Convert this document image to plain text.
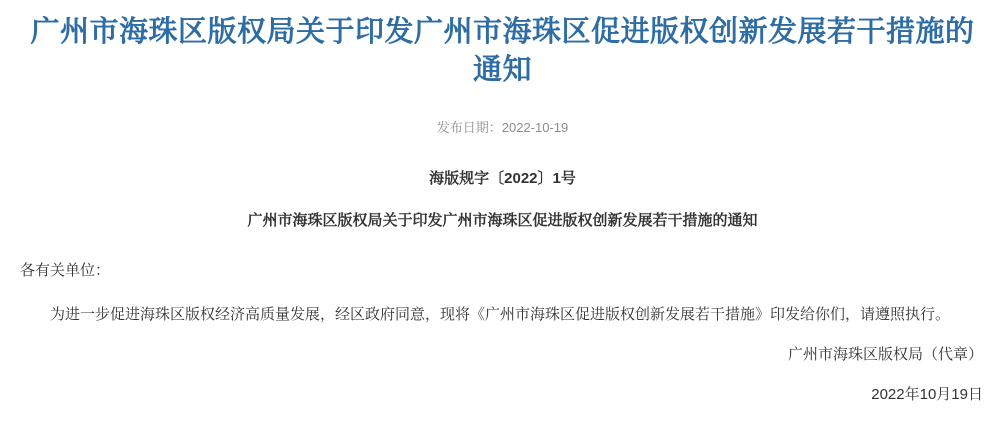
广州市海珠区版权局关于印发广州市海珠区促进版权创新发展若干措施的通知

发布日期：2022-10-19

海版规字〔2022〕1号

广州市海珠区版权局关于印发广州市海珠区促进版权创新发展若干措施的通知

各有关单位：

为进一步促进海珠区版权经济高质量发展，经区政府同意，现将《广州市海珠区促进版权创新发展若干措施》印发给你们，请遵照执行。

广州市海珠区版权局（代章）

2022年10月19日
